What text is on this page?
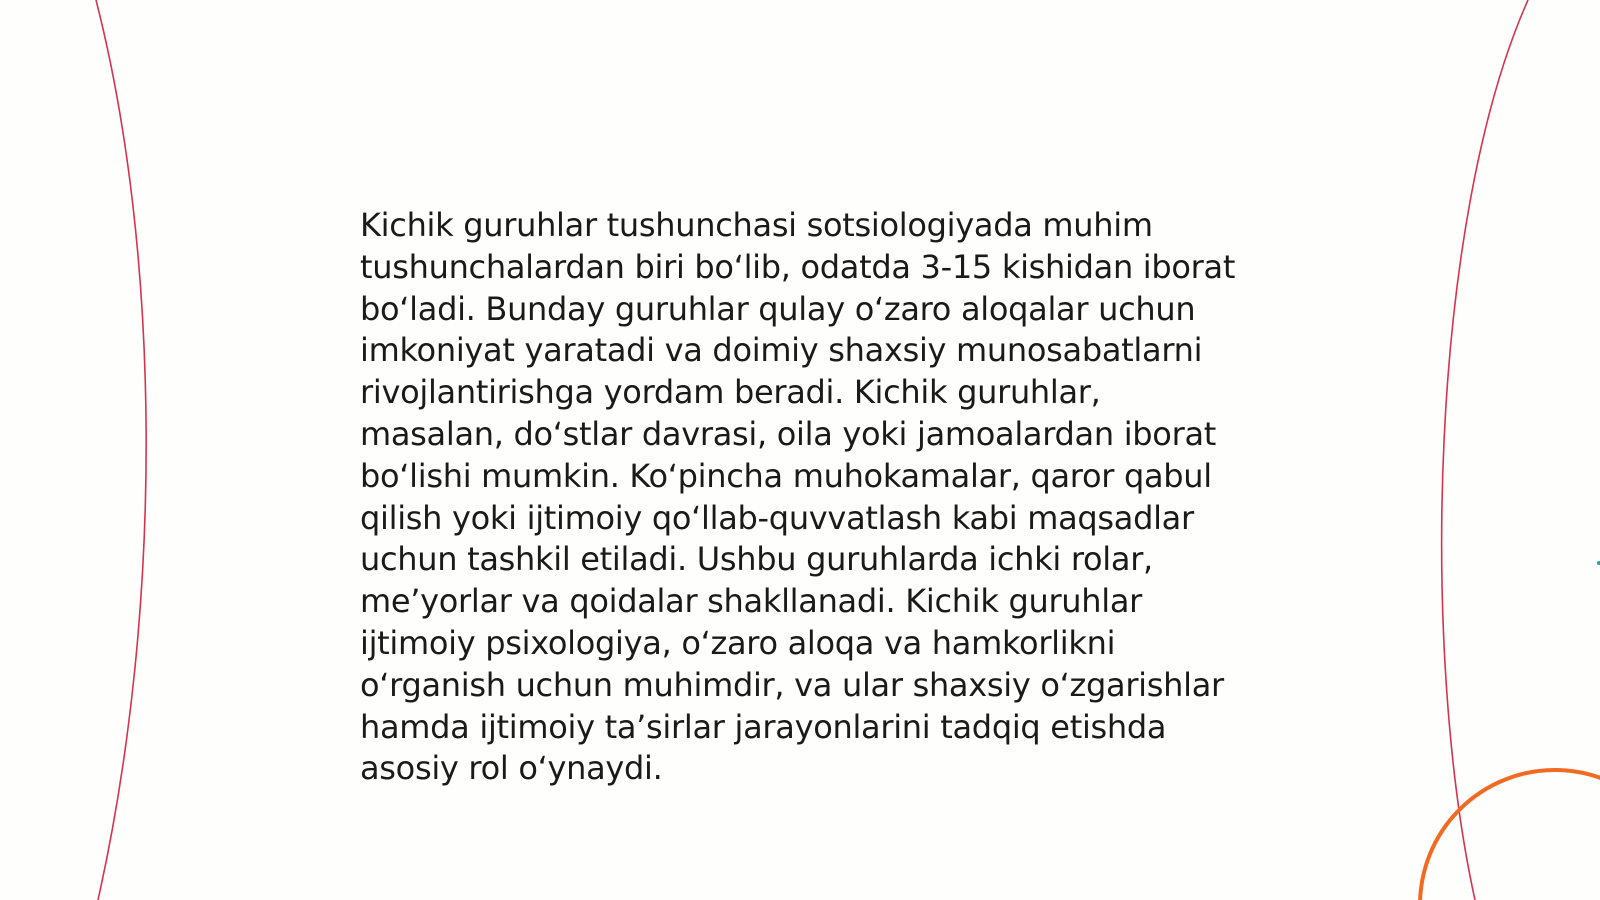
Kichik guruhlar tushunchasi sotsiologiyada muhim tushunchalardan biri boʻlib, odatda 3-15 kishidan iborat boʻladi. Bunday guruhlar qulay oʻzaro aloqalar uchun imkoniyat yaratadi va doimiy shaxsiy munosabatlarni rivojlantirishga yordam beradi. Kichik guruhlar, masalan, doʻstlar davrasi, oila yoki jamoalardan iborat boʻlishi mumkin. Koʻpincha muhokamalar, qaror qabul qilish yoki ijtimoiy qoʻllab-quvvatlash kabi maqsadlar uchun tashkil etiladi. Ushbu guruhlarda ichki rolar, meʼyorlar va qoidalar shakllanadi. Kichik guruhlar ijtimoiy psixologiya, oʻzaro aloqa va hamkorlikni oʻrganish uchun muhimdir, va ular shaxsiy oʻzgarishlar hamda ijtimoiy taʼsirlar jarayonlarini tadqiq etishda asosiy rol oʻynaydi.
